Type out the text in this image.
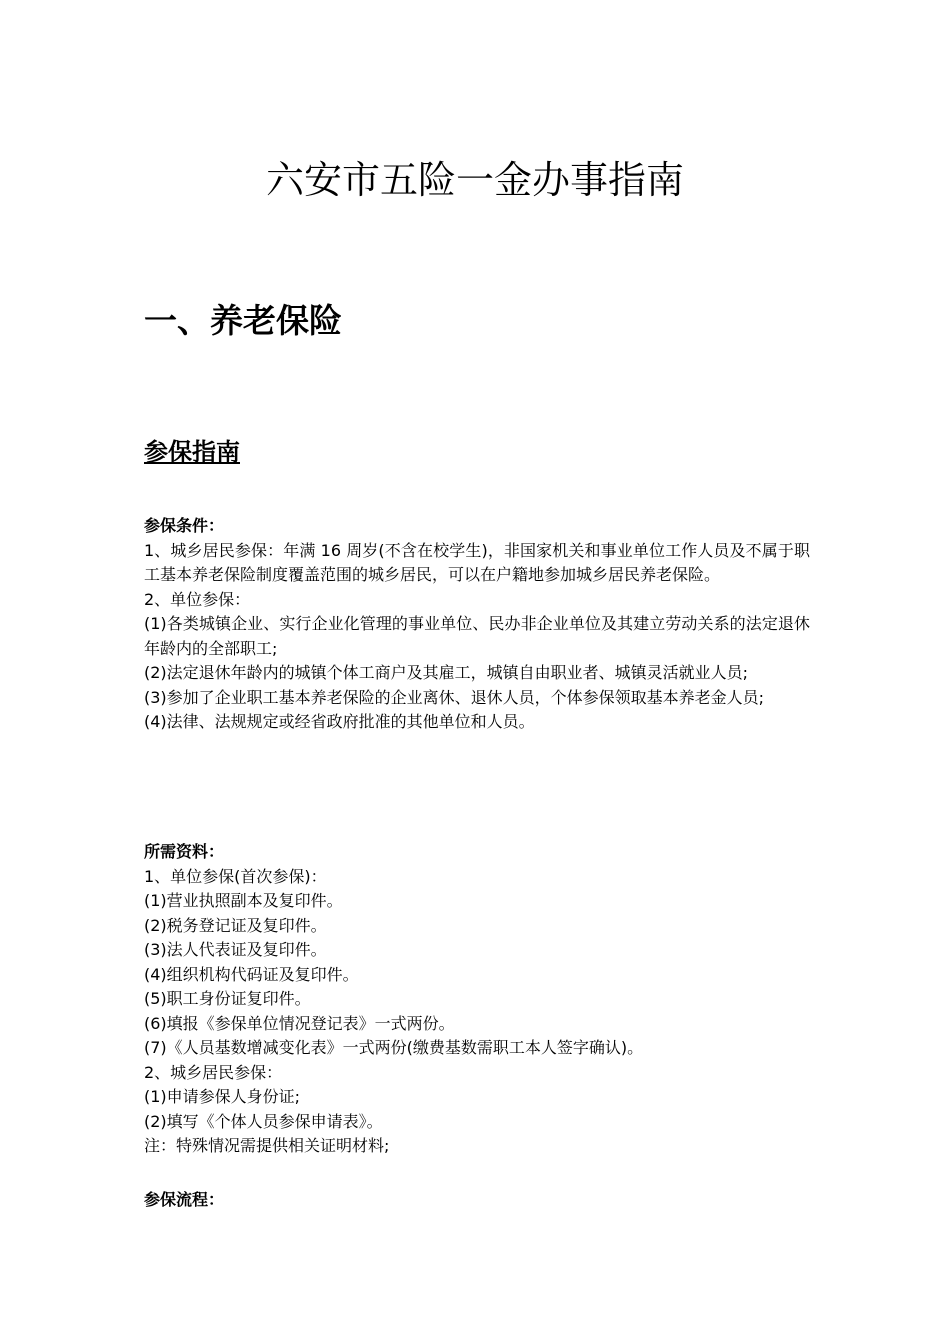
六安市五险一金办事指南
一、养老保险
参保指南

参保条件：

1、城乡居民参保：年满 16 周岁(不含在校学生)，非国家机关和事业单位工作人员及不属于职工基本养老保险制度覆盖范围的城乡居民，可以在户籍地参加城乡居民养老保险。

2、单位参保：

(1)各类城镇企业、实行企业化管理的事业单位、民办非企业单位及其建立劳动关系的法定退休年龄内的全部职工;

(2)法定退休年龄内的城镇个体工商户及其雇工，城镇自由职业者、城镇灵活就业人员;

(3)参加了企业职工基本养老保险的企业离休、退休人员，个体参保领取基本养老金人员;

(4)法律、法规规定或经省政府批准的其他单位和人员。

所需资料：

1、单位参保(首次参保)：

(1)营业执照副本及复印件。

(2)税务登记证及复印件。

(3)法人代表证及复印件。

(4)组织机构代码证及复印件。

(5)职工身份证复印件。

(6)填报《参保单位情况登记表》一式两份。

(7)《人员基数增减变化表》一式两份(缴费基数需职工本人签字确认)。

2、城乡居民参保：

(1)申请参保人身份证;

(2)填写《个体人员参保申请表》。

注：特殊情况需提供相关证明材料;

参保流程：
